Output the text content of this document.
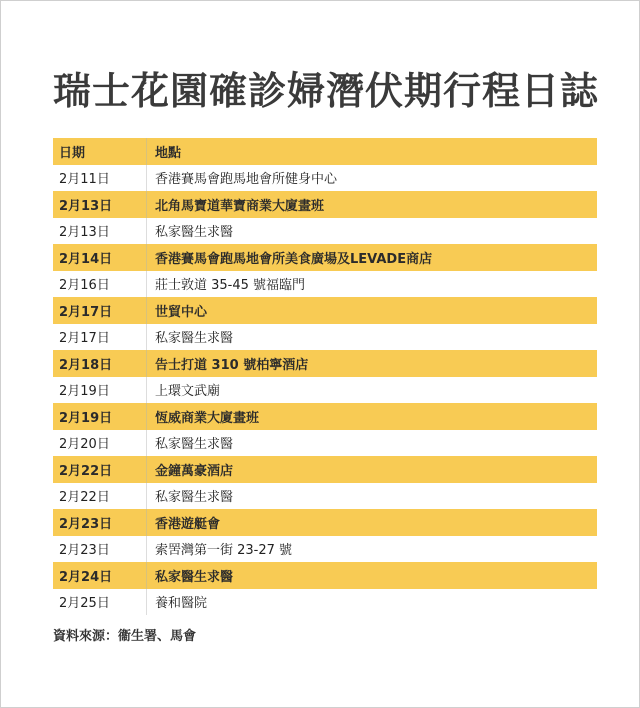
瑞士花園確診婦潛伏期行程日誌
日期	地點
2月11日	香港賽馬會跑馬地會所健身中心
2月13日	北角馬寶道華寶商業大廈畫班
2月13日	私家醫生求醫
2月14日	香港賽馬會跑馬地會所美食廣場及LEVADE商店
2月16日	莊士敦道 35-45 號福臨門
2月17日	世貿中心
2月17日	私家醫生求醫
2月18日	告士打道 310 號柏寧酒店
2月19日	上環文武廟
2月19日	恆威商業大廈畫班
2月20日	私家醫生求醫
2月22日	金鐘萬豪酒店
2月22日	私家醫生求醫
2月23日	香港遊艇會
2月23日	索罟灣第一街 23-27 號
2月24日	私家醫生求醫
2月25日	養和醫院
資料來源：衞生署、馬會
